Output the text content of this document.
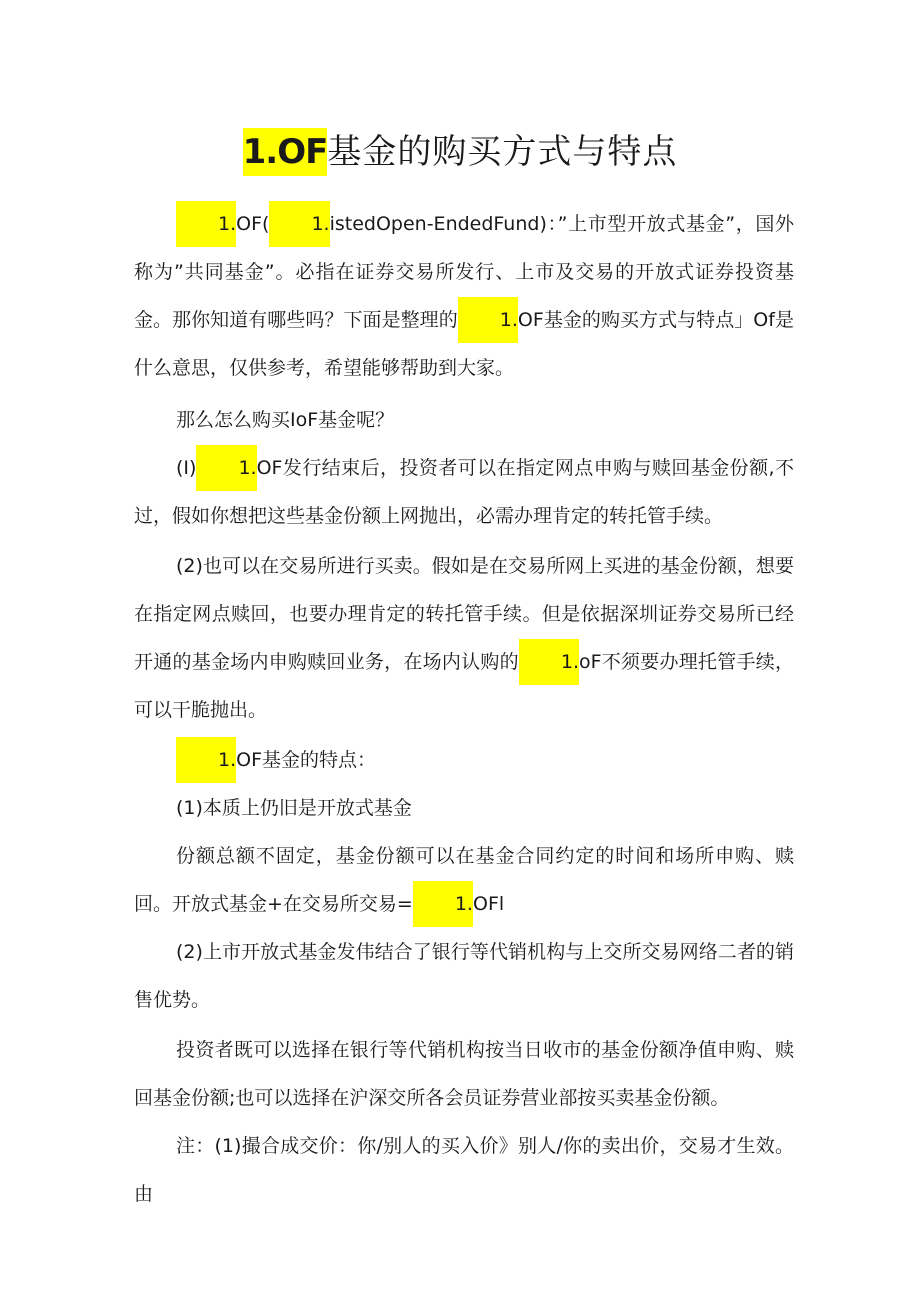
1.OF基金的购买方式与特点
1.OF( 1.istedOpen-EndedFund)：”上市型开放式基金”，国外称为”共同基金”。必指在证券交易所发行、上市及交易的开放式证券投资基金。那你知道有哪些吗？下面是整理的 1.OF基金的购买方式与特点」Of是什么意思，仅供参考，希望能够帮助到大家。
那么怎么购买IoF基金呢？
(I) 1.OF发行结束后，投资者可以在指定网点申购与赎回基金份额,不过，假如你想把这些基金份额上网抛出，必需办理肯定的转托管手续。
(2)也可以在交易所进行买卖。假如是在交易所网上买进的基金份额，想要在指定网点赎回，也要办理肯定的转托管手续。但是依据深圳证券交易所已经开通的基金场内申购赎回业务，在场内认购的 1.oF不须要办理托管手续，可以干脆抛出。
1.OF基金的特点：
(1)本质上仍旧是开放式基金
份额总额不固定，基金份额可以在基金合同约定的时间和场所申购、赎回。开放式基金+在交易所交易= 1.OFl
(2)上市开放式基金发伟结合了银行等代销机构与上交所交易网络二者的销售优势。
投资者既可以选择在银行等代销机构按当日收市的基金份额净值申购、赎回基金份额;也可以选择在沪深交所各会员证券营业部按买卖基金份额。
注：(1)撮合成交价：你/别人的买入价》别人/你的卖出价，交易才生效。由
